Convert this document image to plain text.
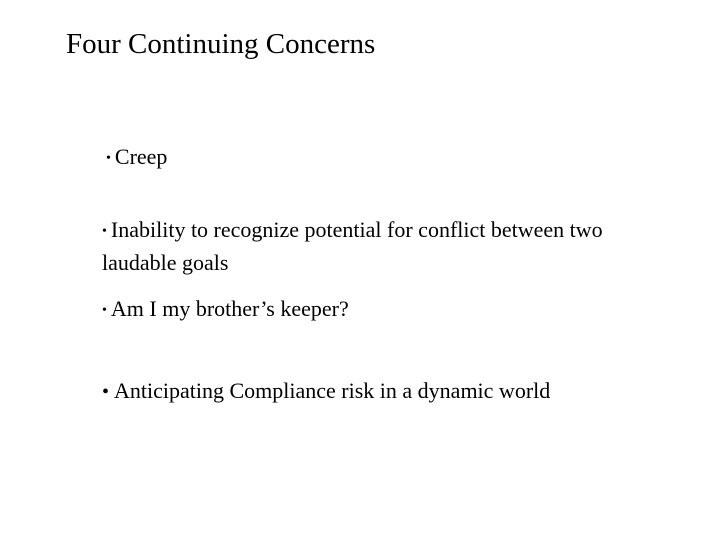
Four Continuing Concerns
• Creep
• Inability to recognize potential for conflict between two
laudable goals
• Am I my brother’s keeper?
• Anticipating Compliance risk in a dynamic world
